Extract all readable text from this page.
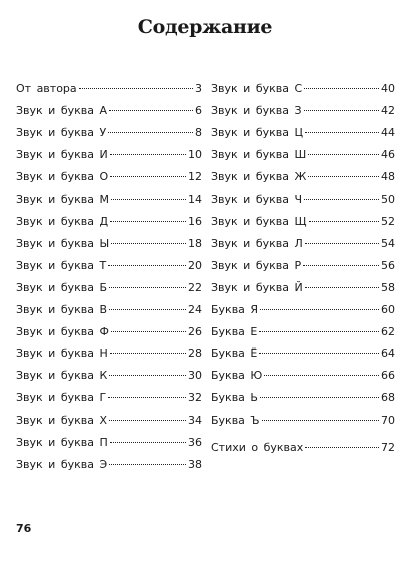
Содержание
От автора	3
Звук и буква А	6
Звук и буква У	8
Звук и буква И	10
Звук и буква О	12
Звук и буква М	14
Звук и буква Д	16
Звук и буква Ы	18
Звук и буква Т	20
Звук и буква Б	22
Звук и буква В	24
Звук и буква Ф	26
Звук и буква Н	28
Звук и буква К	30
Звук и буква Г	32
Звук и буква Х	34
Звук и буква П	36
Звук и буква Э	38
Звук и буква С	40
Звук и буква З	42
Звук и буква Ц	44
Звук и буква Ш	46
Звук и буква Ж	48
Звук и буква Ч	50
Звук и буква Щ	52
Звук и буква Л	54
Звук и буква Р	56
Звук и буква Й	58
Буква Я	60
Буква Е	62
Буква Ё	64
Буква Ю	66
Буква Ь	68
Буква Ъ	70
Стихи о буквах	72
76
